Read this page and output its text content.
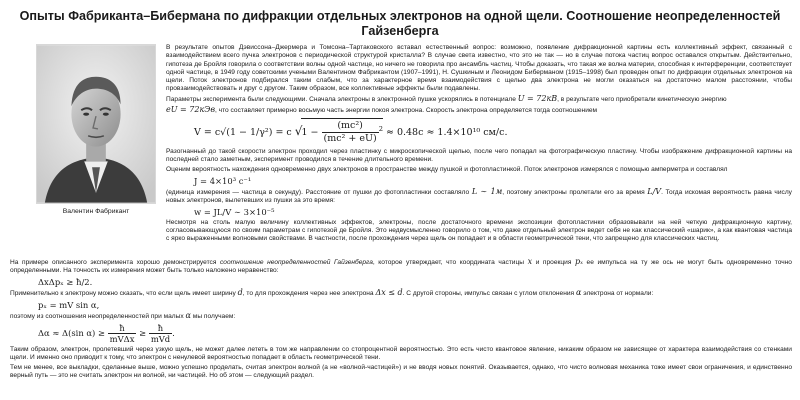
Опыты Фабриканта–Бибермана по дифракции отдельных электронов на одной щели. Соотношение неопределенностей Гайзенберга
Валентин Фабрикант

В результате опытов Дэвиссона–Джермера и Томсона–Тартаковского вставал естественный вопрос: возможно, появление дифракционной картины есть коллективный эффект, связанный с взаимодействием всего пучка электронов с периодической структурой кристалла? В случае света известно, что это не так — но в случае потока частиц вопрос оставался открытым. Действительно, гипотеза де Бройля говорила о соответствии волны одной частице, но ничего не говорила про ансамбль частиц. Чтобы доказать, что такая же волна материи, способная к интерференции, соответствует одной частице, в 1949 году советскими учеными Валентином Фабрикантом (1907–1991), Н. Сушкиным и Леонидом Биберманом (1915–1998) был проведен опыт по дифракции отдельных электронов на щели. Поток электронов подбирался таким слабым, что за характерное время взаимодействия с щелью два электрона не могли оказаться на достаточно малом расстоянии, чтобы провзаимодействовать и друг с другом. Таким образом, все коллективные эффекты были подавлены.

Параметры эксперимента были следующими. Сначала электроны в электронной пушке ускорялись в потенциале U = 72кВ, в результате чего приобретали кинетическую энергию

eU = 72кЭв, что составляет примерно восьмую часть энергии покоя электрона. Скорость электрона определяется тогда соотношением

V = c√(1 − 1/γ²) = c $√1 - \frac{\text{(mc²)}}{\text{(mc² + eU)}} ^2 \approx 0.48c \approx 1.4\times 10^{10}$ см/с.

Разогнанный до такой скорости электрон проходил через пластинку с микроскопической щелью, после чего попадал на фотографическую пластину. Чтобы изображение дифракционной картины на последней стало заметным, эксперимент проводился в течение длительного времени.

Оценим вероятность нахождения одновременно двух электронов в пространстве между пушкой и фотопластинкой. Поток электронов измерялся с помощью амперметра и составлял

J = 4×10³ с⁻¹

(единица измерения — частица в секунду). Расстояние от пушки до фотопластинки составляло L ∼ 1м, поэтому электроны пролетали его за время L/V. Тогда искомая вероятность равна числу новых электронов, вылетевших из пушки за это время:

w = JL/V ∼ 3×10⁻⁵

Несмотря на столь малую величину коллективных эффектов, электроны, после достаточного времени экспозиции фотопластинки образовывали на ней четкую дифракционную картину, согласовывающуюся по своим параметрам с гипотезой де Бройля. Это недвусмысленно говорило о том, что даже отдельный электрон ведет себя не как классический «шарик», а как квантовая частица с ярко выраженными волновыми свойствами. В частности, после прохождения через щель он попадает и в области геометрической тени, что запрещено для классических частиц.

На примере описанного эксперимента хорошо демонстрируется соотношение неопределенностей Гайзенберга, которое утверждает, что координата частицы x и проекция pₓ ее импульса на ту же ось не могут быть одновременно точно определенными. На точность их измерения может быть только наложено неравенство:

ΔxΔpₓ ≥ ħ/2.

Применительно к электрону можно сказать, что если щель имеет ширину d, то для прохождения через нее электрона Δx ≤ d. С другой стороны, импульс связан с углом отклонения α электрона от нормали:

pₓ = mV sin α,

поэтому из соотношения неопределенностей при малых α мы получаем:

Δα ≈ Δ(sin $\alpha) \ge \frac{ħ}{\text{mVΔx}} \ge \frac{ħ}{\text{mVd}}$ .

Таким образом, электрон, пролетевший через узкую щель, не может далее лететь в том же направлении со стопроцентной вероятностью. Это есть чисто квантовое явление, никаким образом не зависящее от характера взаимодействия со стенками щели. И именно оно приводит к тому, что электрон с ненулевой вероятностью попадает в область геометрической тени.

Тем не менее, все выкладки, сделанные выше, можно успешно проделать, считая электрон волной (а не «волной-частицей») и не вводя новых понятий. Оказывается, однако, что чисто волновая механика тоже имеет свои ограничения, и единственно верный путь — это не считать электрон ни волной, ни частицей. Но об этом — следующий раздел.
